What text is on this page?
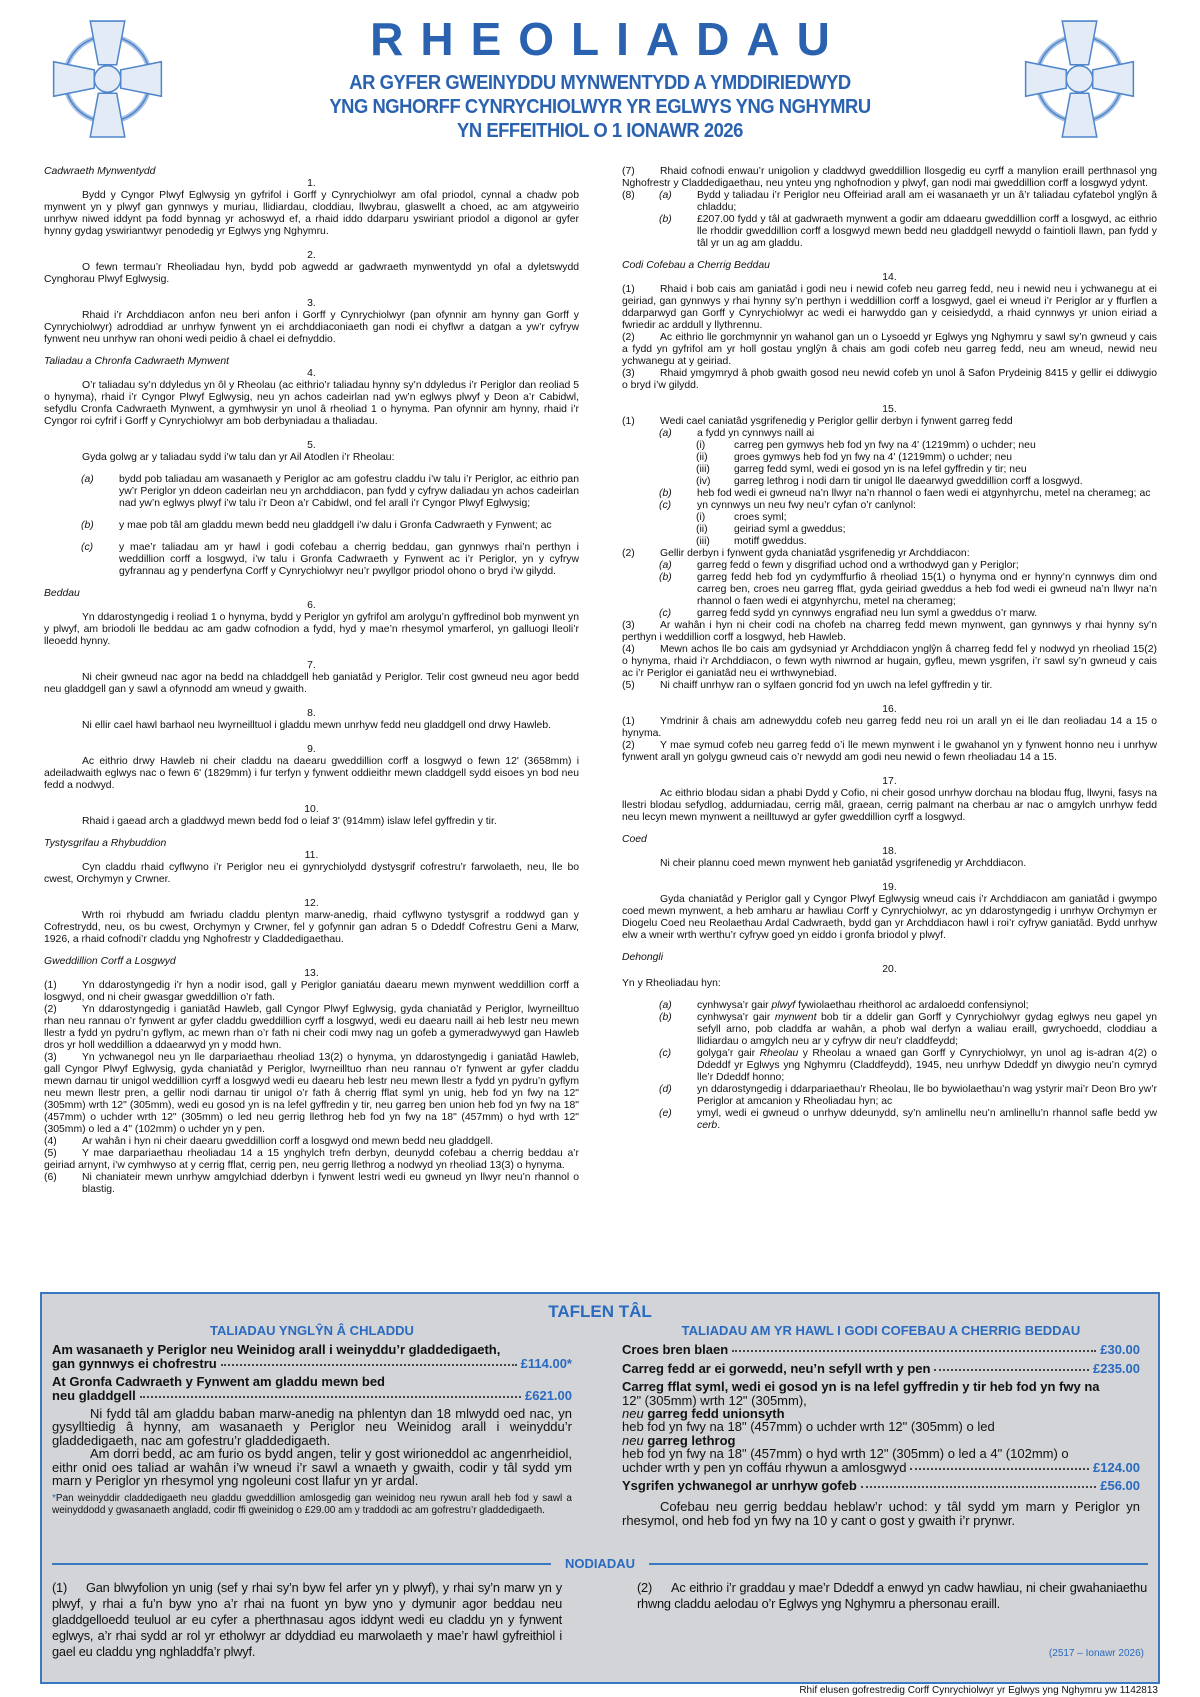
RHEOLIADAU
AR GYFER GWEINYDDU MYNWENTYDD A YMDDIRIEDWYD
YNG NGHORFF CYNRYCHIOLWYR YR EGLWYS YNG NGHYMRU
YN EFFEITHIOL O 1 IONAWR 2026
Cadwraeth Mynwentydd
1.
Bydd y Cyngor Plwyf Eglwysig yn gyfrifol i Gorff y Cynrychiolwyr am ofal priodol, cynnal a chadw pob mynwent yn y plwyf gan gynnwys y muriau, llidiardau, cloddiau, llwybrau, glaswellt a choed, ac am atgyweirio unrhyw niwed iddynt pa fodd bynnag yr achoswyd ef, a rhaid iddo ddarparu yswiriant priodol a digonol ar gyfer hynny gydag yswiriantwyr penodedig yr Eglwys yng Nghymru.
2.
O fewn termau’r Rheoliadau hyn, bydd pob agwedd ar gadwraeth mynwentydd yn ofal a dyletswydd Cynghorau Plwyf Eglwysig.
3.
Rhaid i’r Archddiacon anfon neu beri anfon i Gorff y Cynrychiolwyr (pan ofynnir am hynny gan Gorff y Cynrychiolwyr) adroddiad ar unrhyw fynwent yn ei archddiaconiaeth gan nodi ei chyflwr a datgan a yw’r cyfryw fynwent neu unrhyw ran ohoni wedi peidio â chael ei defnyddio.
Taliadau a Chronfa Cadwraeth Mynwent
4.
O’r taliadau sy’n ddyledus yn ôl y Rheolau (ac eithrio’r taliadau hynny sy’n ddyledus i’r Periglor dan reoliad 5 o hynyma), rhaid i’r Cyngor Plwyf Eglwysig, neu yn achos cadeirlan nad yw’n eglwys plwyf y Deon a’r Cabidwl, sefydlu Cronfa Cadwraeth Mynwent, a gymhwysir yn unol â rheoliad 1 o hynyma. Pan ofynnir am hynny, rhaid i’r Cyngor roi cyfrif i Gorff y Cynrychiolwyr am bob derbyniadau a thaliadau.
5.
Gyda golwg ar y taliadau sydd i’w talu dan yr Ail Atodlen i’r Rheolau:
(a) bydd pob taliadau am wasanaeth y Periglor ac am gofestru claddu i’w talu i’r Periglor, ac eithrio pan yw’r Periglor yn ddeon cadeirlan neu yn archddiacon, pan fydd y cyfryw daliadau yn achos cadeirlan nad yw’n eglwys plwyf i’w talu i’r Deon a’r Cabidwl, ond fel arall i’r Cyngor Plwyf Eglwysig;
(b) y mae pob tâl am gladdu mewn bedd neu gladdgell i’w dalu i Gronfa Cadwraeth y Fynwent; ac
(c) y mae’r taliadau am yr hawl i godi cofebau a cherrig beddau, gan gynnwys rhai’n perthyn i weddillion corff a losgwyd, i’w talu i Gronfa Cadwraeth y Fynwent ac i’r Periglor, yn y cyfryw gyfrannau ag y penderfyna Corff y Cynrychiolwyr neu’r pwyllgor priodol ohono o bryd i’w gilydd.
Beddau
6.
Yn ddarostyngedig i reoliad 1 o hynyma, bydd y Periglor yn gyfrifol am arolygu’n gyffredinol bob mynwent yn y plwyf, am briodoli lle beddau ac am gadw cofnodion a fydd, hyd y mae’n rhesymol ymarferol, yn galluogi lleoli’r lleoedd hynny.
7.
Ni cheir gwneud nac agor na bedd na chladdgell heb ganiatâd y Periglor. Telir cost gwneud neu agor bedd neu gladdgell gan y sawl a ofynnodd am wneud y gwaith.
8.
Ni ellir cael hawl barhaol neu lwyrneilltuol i gladdu mewn unrhyw fedd neu gladdgell ond drwy Hawleb.
9.
Ac eithrio drwy Hawleb ni cheir claddu na daearu gweddillion corff a losgwyd o fewn 12' (3658mm) i adeiladwaith eglwys nac o fewn 6' (1829mm) i fur terfyn y fynwent oddieithr mewn claddgell sydd eisoes yn bod neu fedd a nodwyd.
10.
Rhaid i gaead arch a gladdwyd mewn bedd fod o leiaf 3' (914mm) islaw lefel gyffredin y tir.
Tystysgrifau a Rhybuddion
11.
Cyn claddu rhaid cyflwyno i’r Periglor neu ei gynrychiolydd dystysgrif cofrestru’r farwolaeth, neu, lle bo cwest, Orchymyn y Crwner.
12.
Wrth roi rhybudd am fwriadu claddu plentyn marw-anedig, rhaid cyflwyno tystysgrif a roddwyd gan y Cofrestrydd, neu, os bu cwest, Orchymyn y Crwner, fel y gofynnir gan adran 5 o Ddeddf Cofrestru Geni a Marw, 1926, a rhaid cofnodi’r claddu yng Nghofrestr y Claddedigaethau.
Gweddillion Corff a Losgwyd
13.
(1) Yn ddarostyngedig i’r hyn a nodir isod, gall y Periglor ganiatáu daearu mewn mynwent weddillion corff a losgwyd, ond ni cheir gwasgar gweddillion o’r fath.
(2) Yn ddarostyngedig i ganiatâd Hawleb, gall Cyngor Plwyf Eglwysig, gyda chaniatâd y Periglor, lwyrneilltuo rhan neu rannau o’r fynwent ar gyfer claddu gweddillion cyrff a losgwyd, wedi eu daearu naill ai heb lestr neu mewn llestr a fydd yn pydru’n gyflym, ac mewn rhan o’r fath ni cheir codi mwy nag un gofeb a gymeradwywyd gan Hawleb dros yr holl weddillion a ddaearwyd yn y modd hwn.
(3) Yn ychwanegol neu yn lle darpariaethau rheoliad 13(2) o hynyma, yn ddarostyngedig i ganiatâd Hawleb, gall Cyngor Plwyf Eglwysig, gyda chaniatâd y Periglor, lwyrneilltuo rhan neu rannau o’r fynwent ar gyfer claddu mewn darnau tir unigol weddillion cyrff a losgwyd wedi eu daearu heb lestr neu mewn llestr a fydd yn pydru’n gyflym neu mewn llestr pren, a gellir nodi darnau tir unigol o’r fath â cherrig fflat syml yn unig, heb fod yn fwy na 12" (305mm) wrth 12" (305mm), wedi eu gosod yn is na lefel gyffredin y tir, neu garreg ben union heb fod yn fwy na 18" (457mm) o uchder wrth 12" (305mm) o led neu gerrig llethrog heb fod yn fwy na 18" (457mm) o hyd wrth 12" (305mm) o led a 4" (102mm) o uchder yn y pen.
(4) Ar wahân i hyn ni cheir daearu gweddillion corff a losgwyd ond mewn bedd neu gladdgell.
(5) Y mae darpariaethau rheoliadau 14 a 15 ynghylch trefn derbyn, deunydd cofebau a cherrig beddau a’r geiriad arnynt, i’w cymhwyso at y cerrig fflat, cerrig pen, neu gerrig llethrog a nodwyd yn rheoliad 13(3) o hynyma.
(6) Ni chaniateir mewn unrhyw amgylchiad dderbyn i fynwent lestri wedi eu gwneud yn llwyr neu’n rhannol o blastig.
(7) Rhaid cofnodi enwau’r unigolion y claddwyd gweddillion llosgedig eu cyrff a manylion eraill perthnasol yng Nghofrestr y Claddedigaethau, neu ynteu yng nghofnodion y plwyf, gan nodi mai gweddillion corff a losgwyd ydynt.
(8) (a) Bydd y taliadau i’r Periglor neu Offeiriad arall am ei wasanaeth yr un â’r taliadau cyfatebol ynglŷn â chladdu;
(b) £207.00 fydd y tâl at gadwraeth mynwent a godir am ddaearu gweddillion corff a losgwyd, ac eithrio lle rhoddir gweddillion corff a losgwyd mewn bedd neu gladdgell newydd o faintioli llawn, pan fydd y tâl yr un ag am gladdu.
Codi Cofebau a Cherrig Beddau
14.
(1) Rhaid i bob cais am ganiatâd i godi neu i newid cofeb neu garreg fedd, neu i newid neu i ychwanegu at ei geiriad, gan gynnwys y rhai hynny sy’n perthyn i weddillion corff a losgwyd, gael ei wneud i’r Periglor ar y ffurflen a ddarparwyd gan Gorff y Cynrychiolwyr ac wedi ei harwyddo gan y ceisiedydd, a rhaid cynnwys yr union eiriad a fwriedir ac arddull y llythrennu.
(2) Ac eithrio lle gorchmynnir yn wahanol gan un o Lysoedd yr Eglwys yng Nghymru y sawl sy’n gwneud y cais a fydd yn gyfrifol am yr holl gostau ynglŷn â chais am godi cofeb neu garreg fedd, neu am wneud, newid neu ychwanegu at y geiriad.
(3) Rhaid ymgymryd â phob gwaith gosod neu newid cofeb yn unol â Safon Prydeinig 8415 y gellir ei ddiwygio o bryd i’w gilydd.
15.
(1) Wedi cael caniatâd ysgrifenedig y Periglor gellir derbyn i fynwent garreg fedd
(a) a fydd yn cynnwys naill ai
(i)	carreg pen gymwys heb fod yn fwy na 4' (1219mm) o uchder; neu
(ii)	groes gymwys heb fod yn fwy na 4' (1219mm) o uchder; neu
(iii) garreg fedd syml, wedi ei gosod yn is na lefel gyffredin y tir; neu
(iv) garreg lethrog i nodi darn tir unigol lle daearwyd gweddillion corff a losgwyd.
(b) heb fod wedi ei gwneud na’n llwyr na’n rhannol o faen wedi ei atgynhyrchu, metel na cherameg; ac
(c) yn cynnwys un neu fwy neu’r cyfan o’r canlynol:
(i)	croes syml;
(ii)	geiriad syml a gweddus;
(iii) motiff gweddus.
(2) Gellir derbyn i fynwent gyda chaniatâd ysgrifenedig yr Archddiacon:
(a) garreg fedd o fewn y disgrifiad uchod ond a wrthodwyd gan y Periglor;
(b) garreg fedd heb fod yn cydymffurfio â rheoliad 15(1) o hynyma ond er hynny’n cynnwys dim ond carreg ben, croes neu garreg fflat, gyda geiriad gweddus a heb fod wedi ei gwneud na’n llwyr na’n rhannol o faen wedi ei atgynhyrchu, metel na cherameg;
(c) garreg fedd sydd yn cynnwys engrafiad neu lun syml a gweddus o’r marw.
(3) Ar wahân i hyn ni cheir codi na chofeb na charreg fedd mewn mynwent, gan gynnwys y rhai hynny sy’n perthyn i weddillion corff a losgwyd, heb Hawleb.
(4) Mewn achos lle bo cais am gydsyniad yr Archddiacon ynglŷn â charreg fedd fel y nodwyd yn rheoliad 15(2) o hynyma, rhaid i’r Archddiacon, o fewn wyth niwrnod ar hugain, gyfleu, mewn ysgrifen, i’r sawl sy’n gwneud y cais ac i’r Periglor ei ganiatâd neu ei wrthwynebiad.
(5) Ni chaiff unrhyw ran o sylfaen goncrid fod yn uwch na lefel gyffredin y tir.
16.
(1) Ymdrinir â chais am adnewyddu cofeb neu garreg fedd neu roi un arall yn ei lle dan reoliadau 14 a 15 o hynyma.
(2) Y mae symud cofeb neu garreg fedd o’i lle mewn mynwent i le gwahanol yn y fynwent honno neu i unrhyw fynwent arall yn golygu gwneud cais o’r newydd am godi neu newid o fewn rheoliadau 14 a 15.
17.
Ac eithrio blodau sidan a phabi Dydd y Cofio, ni cheir gosod unrhyw dorchau na blodau ffug, llwyni, fasys na llestri blodau sefydlog, addurniadau, cerrig mâl, graean, cerrig palmant na cherbau ar nac o amgylch unrhyw fedd neu lecyn mewn mynwent a neilltuwyd ar gyfer gweddillion cyrff a losgwyd.
Coed
18.
Ni cheir plannu coed mewn mynwent heb ganiatâd ysgrifenedig yr Archddiacon.
19.
Gyda chaniatâd y Periglor gall y Cyngor Plwyf Eglwysig wneud cais i’r Archddiacon am ganiatâd i gwympo coed mewn mynwent, a heb amharu ar hawliau Corff y Cynrychiolwyr, ac yn ddarostyngedig i unrhyw Orchymyn er Diogelu Coed neu Reolaethau Ardal Cadwraeth, bydd gan yr Archddiacon hawl i roi’r cyfryw ganiatâd. Bydd unrhyw elw a wneir wrth werthu’r cyfryw goed yn eiddo i gronfa briodol y plwyf.
Dehongli
20.
Yn y Rheoliadau hyn:
(a) cynhwysa’r gair plwyf fywiolaethau rheithorol ac ardaloedd confensiynol;
(b) cynhwysa’r gair mynwent bob tir a ddelir gan Gorff y Cynrychiolwyr gydag eglwys neu gapel yn sefyll arno, pob claddfa ar wahân, a phob wal derfyn a waliau eraill, gwrychoedd, cloddiau a llidiardau o amgylch neu ar y cyfryw dir neu’r claddfeydd;
(c) golyga’r gair Rheolau y Rheolau a wnaed gan Gorff y Cynrychiolwyr, yn unol ag is-adran 4(2) o Ddeddf yr Eglwys yng Nghymru (Claddfeydd), 1945, neu unrhyw Ddeddf yn diwygio neu’n cymryd lle’r Ddeddf honno;
(d) yn ddarostyngedig i ddarpariaethau’r Rheolau, lle bo bywiolaethau’n wag ystyrir mai’r Deon Bro yw’r Periglor at amcanion y Rheoliadau hyn; ac
(e) ymyl, wedi ei gwneud o unrhyw ddeunydd, sy’n amlinellu neu’n amlinellu’n rhannol safle bedd yw cerb.
TAFLEN TÂL
TALIADAU YNGLŶN Â CHLADDU
Am wasanaeth y Periglor neu Weinidog arall i weinyddu’r gladdedigaeth,
gan gynnwys ei chofrestru	£114.00*
At Gronfa Cadwraeth y Fynwent am gladdu mewn bed
neu gladdgell	£621.00
Ni fydd tâl am gladdu baban marw-anedig na phlentyn dan 18 mlwydd oed nac, yn gysylltiedig â hynny, am wasanaeth y Periglor neu Weinidog arall i weinyddu’r gladdedigaeth, nac am gofestru’r gladdedigaeth.
Am dorri bedd, ac am furio os bydd angen, telir y gost wirioneddol ac angenrheidiol, eithr onid oes taliad ar wahân i’w wneud i’r sawl a wnaeth y gwaith, codir y tâl sydd ym marn y Periglor yn rhesymol yng ngoleuni cost llafur yn yr ardal.
*Pan weinyddir claddedigaeth neu gladdu gweddillion amlosgedig gan weinidog neu rywun arall heb fod y sawl a weinyddodd y gwasanaeth angladd, codir ffi gweinidog o £29.00 am y traddodi ac am gofrestru’r gladdedigaeth.
TALIADAU AM YR HAWL I GODI COFEBAU A CHERRIG BEDDAU
Croes bren blaen	£30.00
Carreg fedd ar ei gorwedd, neu’n sefyll wrth y pen	£235.00
Carreg fflat syml, wedi ei gosod yn is na lefel gyffredin y tir heb fod yn fwy na
12" (305mm) wrth 12" (305mm),
neu garreg fedd unionsyth
heb fod yn fwy na 18" (457mm) o uchder wrth 12" (305mm) o led
neu garreg lethrog
heb fod yn fwy na 18" (457mm) o hyd wrth 12" (305mm) o led a 4" (102mm) o
uchder wrth y pen yn coffáu rhywun a amlosgwyd	£124.00
Ysgrifen ychwanegol ar unrhyw gofeb	£56.00
Cofebau neu gerrig beddau heblaw’r uchod: y tâl sydd ym marn y Periglor yn rhesymol, ond heb fod yn fwy na 10 y cant o gost y gwaith i’r prynwr.
NODIADAU
(1) Gan blwyfolion yn unig (sef y rhai sy’n byw fel arfer yn y plwyf), y rhai sy’n marw yn y plwyf, y rhai a fu’n byw yno a’r rhai na fuont yn byw yno y dymunir agor beddau neu gladdgelloedd teuluol ar eu cyfer a pherthnasau agos iddynt wedi eu claddu yn y fynwent eglwys, a’r rhai sydd ar rol yr etholwyr ar ddyddiad eu marwolaeth y mae’r hawl gyfreithiol i gael eu claddu yng nghladdfa’r plwyf.
(2) Ac eithrio i’r graddau y mae’r Ddeddf a enwyd yn cadw hawliau, ni cheir gwahaniaethu rhwng claddu aelodau o’r Eglwys yng Nghymru a phersonau eraill.
(2517 – Ionawr 2026)
Rhif elusen gofrestredig Corff Cynrychiolwyr yr Eglwys yng Nghymru yw 1142813
